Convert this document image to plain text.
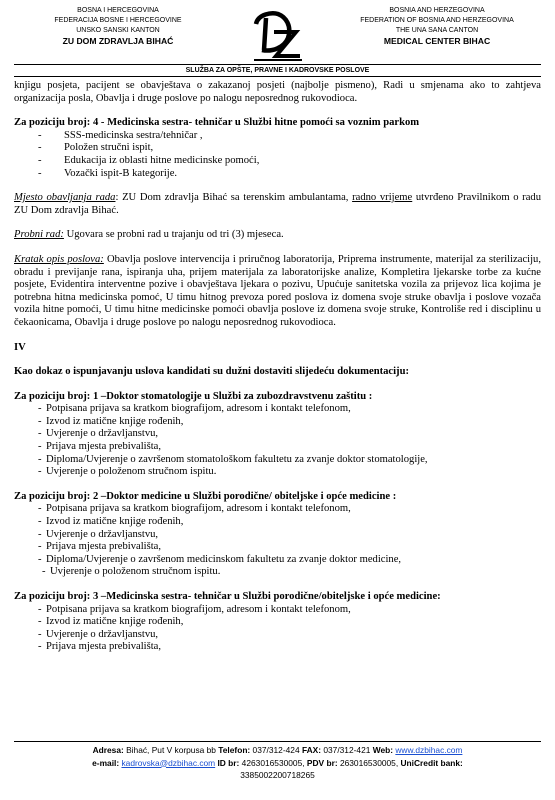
BOSNA I HERCEGOVINA
FEDERACIJA BOSNE I HERCEGOVINE
UNSKO SANSKI KANTON
ZU DOM ZDRAVLJA BIHAĆ
BOSNIA AND HERZEGOVINA
FEDERATION OF BOSNIA AND HERZEGOVINA
THE UNA SANA CANTON
MEDICAL CENTER BIHAC
SLUŽBA ZA OPŠTE, PRAVNE I KADROVSKE POSLOVE

knjigu posjeta, pacijent se obavještava o zakazanoj posjeti (najbolje pismeno), Radi u smjenama ako to zahtjeva organizacija posla, Obavlja i druge poslove po nalogu neposrednog rukovodioca.

Za poziciju broj: 4 - Medicinska sestra- tehničar u Službi hitne pomoći sa voznim parkom

- SSS-medicinska sestra/tehničar ,
- Položen stručni ispit,
- Edukacija iz oblasti hitne medicinske pomoći,
- Vozački ispit-B kategorije.

Mjesto obavljanja rada: ZU Dom zdravlja Bihać sa terenskim ambulantama, radno vrijeme utvrđeno Pravilnikom o radu ZU Dom zdravlja Bihać.

Probni rad: Ugovara se probni rad u trajanju od tri (3) mjeseca.

Kratak opis poslova: Obavlja poslove intervencija i priručnog laboratorija, Priprema instrumente, materijal za sterilizaciju, obradu i previjanje rana, ispiranja uha, prijem materijala za laboratorijske analize, Kompletira ljekarske torbe za kućne posjete, Evidentira interventne pozive i obavještava ljekara o pozivu, Upućuje sanitetska vozila za prijevoz lica kojima je potrebna hitna medicinska pomoć, U timu hitnog prevoza pored poslova iz domena svoje struke obavlja i poslove vozača vozila hitne pomoći, U timu hitne medicinske pomoći obavlja poslove iz domena svoje struke, Kontroliše red i disciplinu u čekaonicama, Obavlja i druge poslove po nalogu neposrednog rukovodioca.

IV

Kao dokaz o ispunjavanju uslova kandidati su dužni dostaviti slijedeću dokumentaciju:

Za poziciju broj: 1 –Doktor stomatologije u Službi za zubozdravstvenu zaštitu :

- Potpisana prijava sa kratkom biografijom, adresom i kontakt telefonom,
- Izvod iz matične knjige rođenih,
- Uvjerenje o državljanstvu,
- Prijava mjesta prebivališta,
- Diploma/Uvjerenje o završenom stomatološkom fakultetu za zvanje doktor stomatologije,
- Uvjerenje o položenom stručnom ispitu.

Za poziciju broj: 2 –Doktor medicine u Službi porodične/ obiteljske i opće medicine :

- Potpisana prijava sa kratkom biografijom, adresom i kontakt telefonom,
- Izvod iz matične knjige rođenih,
- Uvjerenje o državljanstvu,
- Prijava mjesta prebivališta,
- Diploma/Uvjerenje o završenom medicinskom fakultetu za zvanje doktor medicine,
- Uvjerenje o položenom stručnom ispitu.

Za poziciju broj: 3 –Medicinska sestra- tehničar u Službi porodične/obiteljske i opće medicine:

- Potpisana prijava sa kratkom biografijom, adresom i kontakt telefonom,
- Izvod iz matične knjige rođenih,
- Uvjerenje o državljanstvu,
- Prijava mjesta prebivališta,
Adresa: Bihać, Put V korpusa bb Telefon: 037/312-424 FAX: 037/312-421 Web: www.dzbihac.com
e-mail: kadrovska@dzbihac.com ID br: 4263016530005, PDV br: 263016530005, UniCredit bank:
3385002200718265
